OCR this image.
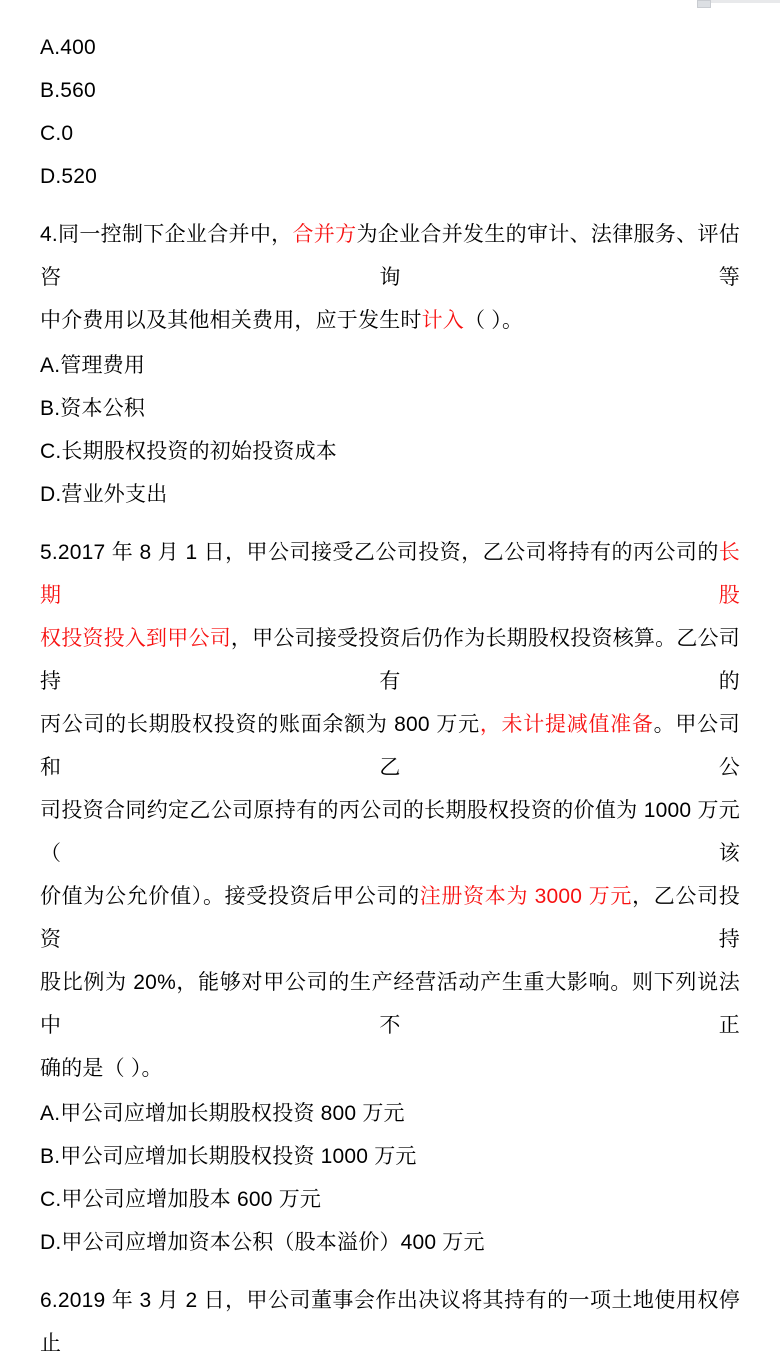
A.400
B.560
C.0
D.520
4.同一控制下企业合并中，合并方为企业合并发生的审计、法律服务、评估咨询等
中介费用以及其他相关费用，应于发生时计入（ ）。
A.管理费用
B.资本公积
C.长期股权投资的初始投资成本
D.营业外支出
5.2017 年 8 月 1 日，甲公司接受乙公司投资，乙公司将持有的丙公司的长期股
权投资投入到甲公司，甲公司接受投资后仍作为长期股权投资核算。乙公司持有的
丙公司的长期股权投资的账面余额为 800 万元，未计提减值准备。甲公司和乙公
司投资合同约定乙公司原持有的丙公司的长期股权投资的价值为 1000 万元（该
价值为公允价值）。接受投资后甲公司的注册资本为 3000 万元，乙公司投资持
股比例为 20%，能够对甲公司的生产经营活动产生重大影响。则下列说法中不正
确的是（ ）。
A.甲公司应增加长期股权投资 800 万元
B.甲公司应增加长期股权投资 1000 万元
C.甲公司应增加股本 600 万元
D.甲公司应增加资本公积（股本溢价）400 万元
6.2019 年 3 月 2 日，甲公司董事会作出决议将其持有的一项土地使用权停止
